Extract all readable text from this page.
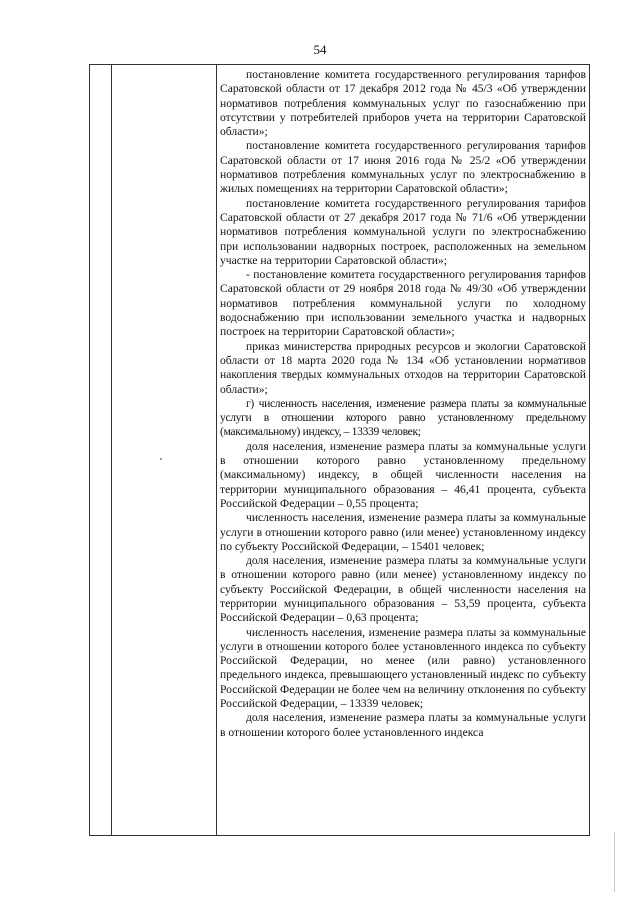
54

постановление комитета государственного регулирования тарифов Саратовской области от 17 декабря 2012 года № 45/3 «Об утверждении нормативов потребления коммунальных услуг по газоснабжению при отсутствии у потребителей приборов учета на территории Саратовской области»;

постановление комитета государственного регулирования тарифов Саратовской области от 17 июня 2016 года № 25/2 «Об утверждении нормативов потребления коммунальных услуг по электроснабжению в жилых помещениях на территории Саратовской области»;

постановление комитета государственного регулирования тарифов Саратовской области от 27 декабря 2017 года № 71/6 «Об утверждении нормативов потребления коммунальной услуги по электроснабжению при использовании надворных построек, расположенных на земельном участке на территории Саратовской области»;

- постановление комитета государственного регулирования тарифов Саратовской области от 29 ноября 2018 года № 49/30 «Об утверждении нормативов потребления коммунальной услуги по холодному водоснабжению при использовании земельного участка и надворных построек на территории Саратовской области»;

приказ министерства природных ресурсов и экологии Саратовской области от 18 марта 2020 года № 134 «Об установлении нормативов накопления твердых коммунальных отходов на территории Саратовской области»;

г) численность населения, изменение размера платы за коммунальные услуги в отношении которого равно установленному предельному (максимальному) индексу, – 13339 человек;

доля населения, изменение размера платы за коммунальные услуги в отношении которого равно установленному предельному (максимальному) индексу, в общей численности населения на территории муниципального образования – 46,41 процента, субъекта Российской Федерации – 0,55 процента;

численность населения, изменение размера платы за коммунальные услуги в отношении которого равно (или менее) установленному индексу по субъекту Российской Федерации, – 15401 человек;

доля населения, изменение размера платы за коммунальные услуги в отношении которого равно (или менее) установленному индексу по субъекту Российской Федерации, в общей численности населения на территории муниципального образования – 53,59 процента, субъекта Российской Федерации – 0,63 процента;

численность населения, изменение размера платы за коммунальные услуги в отношении которого более установленного индекса по субъекту Российской Федерации, но менее (или равно) установленного предельного индекса, превышающего установленный индекс по субъекту Российской Федерации не более чем на величину отклонения по субъекту Российской Федерации, – 13339 человек;

доля населения, изменение размера платы за коммунальные услуги в отношении которого более установленного индекса
